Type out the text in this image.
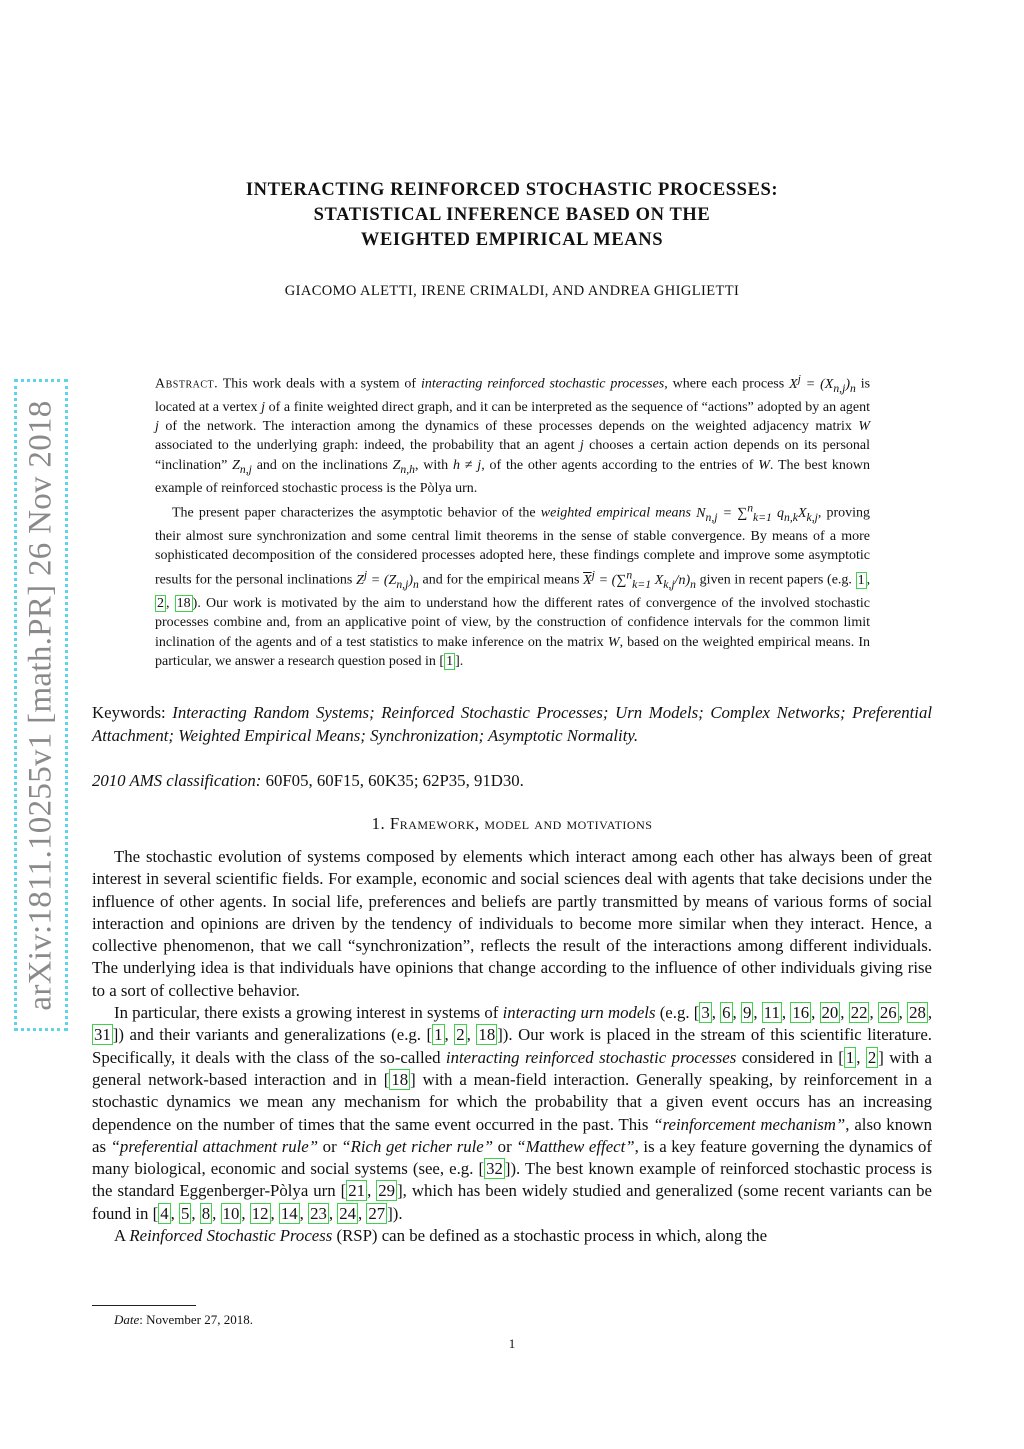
arXiv:1811.10255v1 [math.PR] 26 Nov 2018
INTERACTING REINFORCED STOCHASTIC PROCESSES:
STATISTICAL INFERENCE BASED ON THE
WEIGHTED EMPIRICAL MEANS
GIACOMO ALETTI, IRENE CRIMALDI, AND ANDREA GHIGLIETTI

Abstract. This work deals with a system of interacting reinforced stochastic processes, where each process $X^j = (X_{n,j})_n$ is located at a vertex j of a finite weighted direct graph, and it can be interpreted as the sequence of “actions” adopted by an agent j of the network. The interaction among the dynamics of these processes depends on the weighted adjacency matrix W associated to the underlying graph: indeed, the probability that an agent j chooses a certain action depends on its personal “inclination” $Z_{n,j}$ and on the inclinations $Z_{n,h}$, with h ≠ j, of the other agents according to the entries of W. The best known example of reinforced stochastic process is the Pòlya urn.

The present paper characterizes the asymptotic behavior of the weighted empirical means $N_{n,j} = \sum^n_{k=1}$ $q_{n,k}X_{k,j}$, proving their almost sure synchronization and some central limit theorems in the sense of stable convergence. By means of a more sophisticated decomposition of the considered processes adopted here, these findings complete and improve some asymptotic results for the personal inclinations $Z^j = (Z_{n,j})_n$ and for the empirical means $\overline{X}^j = (\sum^n_{k=1}$ $X_{k,j}/n)_n$ given in recent papers (e.g. 1 , 2 , 18 ). Our work is motivated by the aim to understand how the different rates of convergence of the involved stochastic processes combine and, from an applicative point of view, by the construction of confidence intervals for the common limit inclination of the agents and of a test statistics to make inference on the matrix W, based on the weighted empirical means. In particular, we answer a research question posed in [ 1 ].

Keywords: Interacting Random Systems; Reinforced Stochastic Processes; Urn Models; Complex Networks; Preferential Attachment; Weighted Empirical Means; Synchronization; Asymptotic Normality.
2010 AMS classification: 60F05, 60F15, 60K35; 62P35, 91D30.
1. Framework, model and motivations

The stochastic evolution of systems composed by elements which interact among each other has always been of great interest in several scientific fields. For example, economic and social sciences deal with agents that take decisions under the influence of other agents. In social life, preferences and beliefs are partly transmitted by means of various forms of social interaction and opinions are driven by the tendency of individuals to become more similar when they interact. Hence, a collective phenomenon, that we call “synchronization”, reflects the result of the interactions among different individuals. The underlying idea is that individuals have opinions that change according to the influence of other individuals giving rise to a sort of collective behavior.

In particular, there exists a growing interest in systems of interacting urn models (e.g. [ 3 , 6 , 9 , 11 , 16 , 20 , 22 , 26 , 28 , 31 ]) and their variants and generalizations (e.g. [ 1 , 2 , 18 ]). Our work is placed in the stream of this scientific literature. Specifically, it deals with the class of the so-called interacting reinforced stochastic processes considered in [ 1 , 2 ] with a general network-based interaction and in [ 18 ] with a mean-field interaction. Generally speaking, by reinforcement in a stochastic dynamics we mean any mechanism for which the probability that a given event occurs has an increasing dependence on the number of times that the same event occurred in the past. This “reinforcement mechanism”, also known as “preferential attachment rule” or “Rich get richer rule” or “Matthew effect”, is a key feature governing the dynamics of many biological, economic and social systems (see, e.g. [ 32 ]). The best known example of reinforced stochastic process is the standard Eggenberger-Pòlya urn [ 21 , 29 ], which has been widely studied and generalized (some recent variants can be found in [ 4 , 5 , 8 , 10 , 12 , 14 , 23 , 24 , 27 ]).

A Reinforced Stochastic Process (RSP) can be defined as a stochastic process in which, along the

Date: November 27, 2018.
1
